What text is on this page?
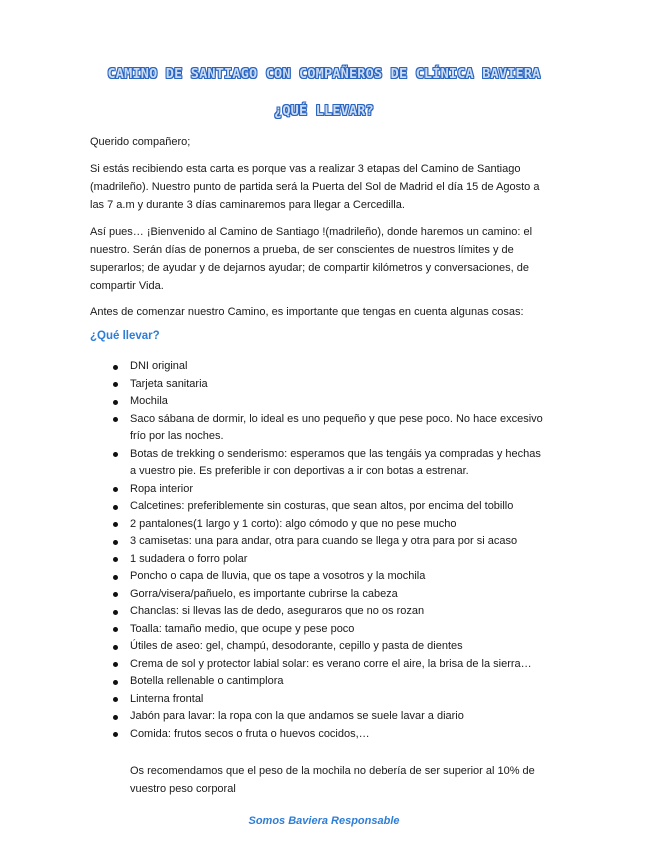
CAMINO DE SANTIAGO CON COMPAÑEROS DE CLÍNICA BAVIERA
¿QUÉ LLEVAR?
Querido compañero;
Si estás recibiendo esta carta es porque vas a realizar 3 etapas del Camino de Santiago (madrileño). Nuestro punto de partida será la Puerta del Sol de Madrid el día 15 de Agosto a las 7 a.m y durante 3 días caminaremos para llegar a Cercedilla.
Así pues… ¡Bienvenido al Camino de Santiago !(madrileño), donde haremos un camino: el nuestro. Serán días de ponernos a prueba, de ser conscientes de nuestros límites y de superarlos; de ayudar y de dejarnos ayudar; de compartir kilómetros y conversaciones, de compartir Vida.
Antes de comenzar nuestro Camino, es importante que tengas en cuenta algunas cosas:
¿Qué llevar?
DNI original
Tarjeta sanitaria
Mochila
Saco sábana de dormir, lo ideal es uno pequeño y que pese poco. No hace excesivo frío por las noches.
Botas de trekking o senderismo: esperamos que las tengáis ya compradas y hechas a vuestro pie. Es preferible ir con deportivas a ir con botas a estrenar.
Ropa interior
Calcetines: preferiblemente sin costuras, que sean altos, por encima del tobillo
2 pantalones(1 largo y 1 corto): algo cómodo y que no pese mucho
3 camisetas: una para andar, otra para cuando se llega y otra para por si acaso
1 sudadera o forro polar
Poncho o capa de lluvia, que os tape a vosotros y la mochila
Gorra/visera/pañuelo, es importante cubrirse la cabeza
Chanclas: si llevas las de dedo, aseguraros que no os rozan
Toalla: tamaño medio, que ocupe y pese poco
Útiles de aseo: gel, champú, desodorante, cepillo y pasta de dientes
Crema de sol y protector labial solar: es verano corre el aire, la brisa de la sierra…
Botella rellenable o cantimplora
Linterna frontal
Jabón para lavar: la ropa con la que andamos se suele lavar a diario
Comida: frutos secos o fruta o huevos cocidos,…
Os recomendamos que el peso de la mochila no debería de ser superior al 10% de vuestro peso corporal
Somos Baviera Responsable
